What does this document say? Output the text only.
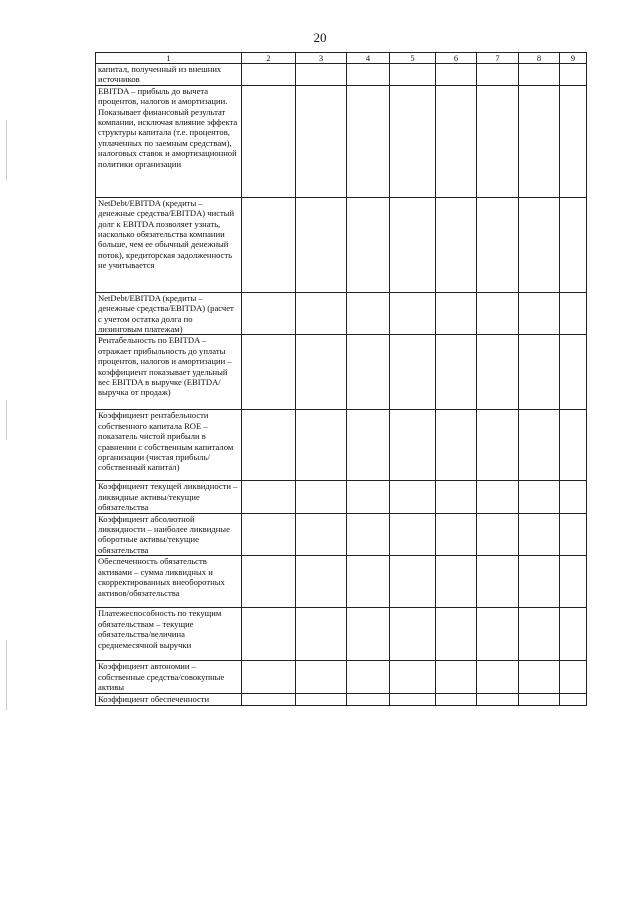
20
1	2	3	4	5	6	7	8	9
капитал, полученный из внешних источников								
EBITDA – прибыль до вычета процентов, налогов и амортизации. Показывает финансовый результат компании, исключая влияние эффекта структуры капитала (т.е. процентов, уплаченных по заемным средствам), налоговых ставок и амортизационной политики организации								
NetDebt/EBITDA (кредиты – денежные средства/EBITDA) чистый долг к EBITDA позволяет узнать, насколько обязательства компании больше, чем ее обычный денежный поток), кредиторская задолженность не учитывается								
NetDebt/EBITDA (кредиты – денежные средства/EBITDA) (расчет с учетом остатка долга по лизинговым платежам)								
Рентабельность по EBITDA – отражает прибыльность до уплаты процентов, налогов и амортизации – коэффициент показывает удельный вес EBITDA в выручке (EBITDA/выручка от продаж)								
Коэффициент рентабельности собственного капитала ROE – показатель чистой прибыли в сравнении с собственным капиталом организации (чистая прибыль/собственный капитал)								
Коэффициент текущей ликвидности – ликвидные активы/текущие обязательства								
Коэффициент абсолютной ликвидности – наиболее ликвидные оборотные активы/текущие обязательства								
Обеспеченность обязательств активами – сумма ликвидных и скорректированных внеоборотных активов/обязательства								
Платежеспособность по текущим обязательствам – текущие обязательства/величина среднемесячной выручки								
Коэффициент автономии – собственные средства/совокупные активы								
Коэффициент обеспеченности								
